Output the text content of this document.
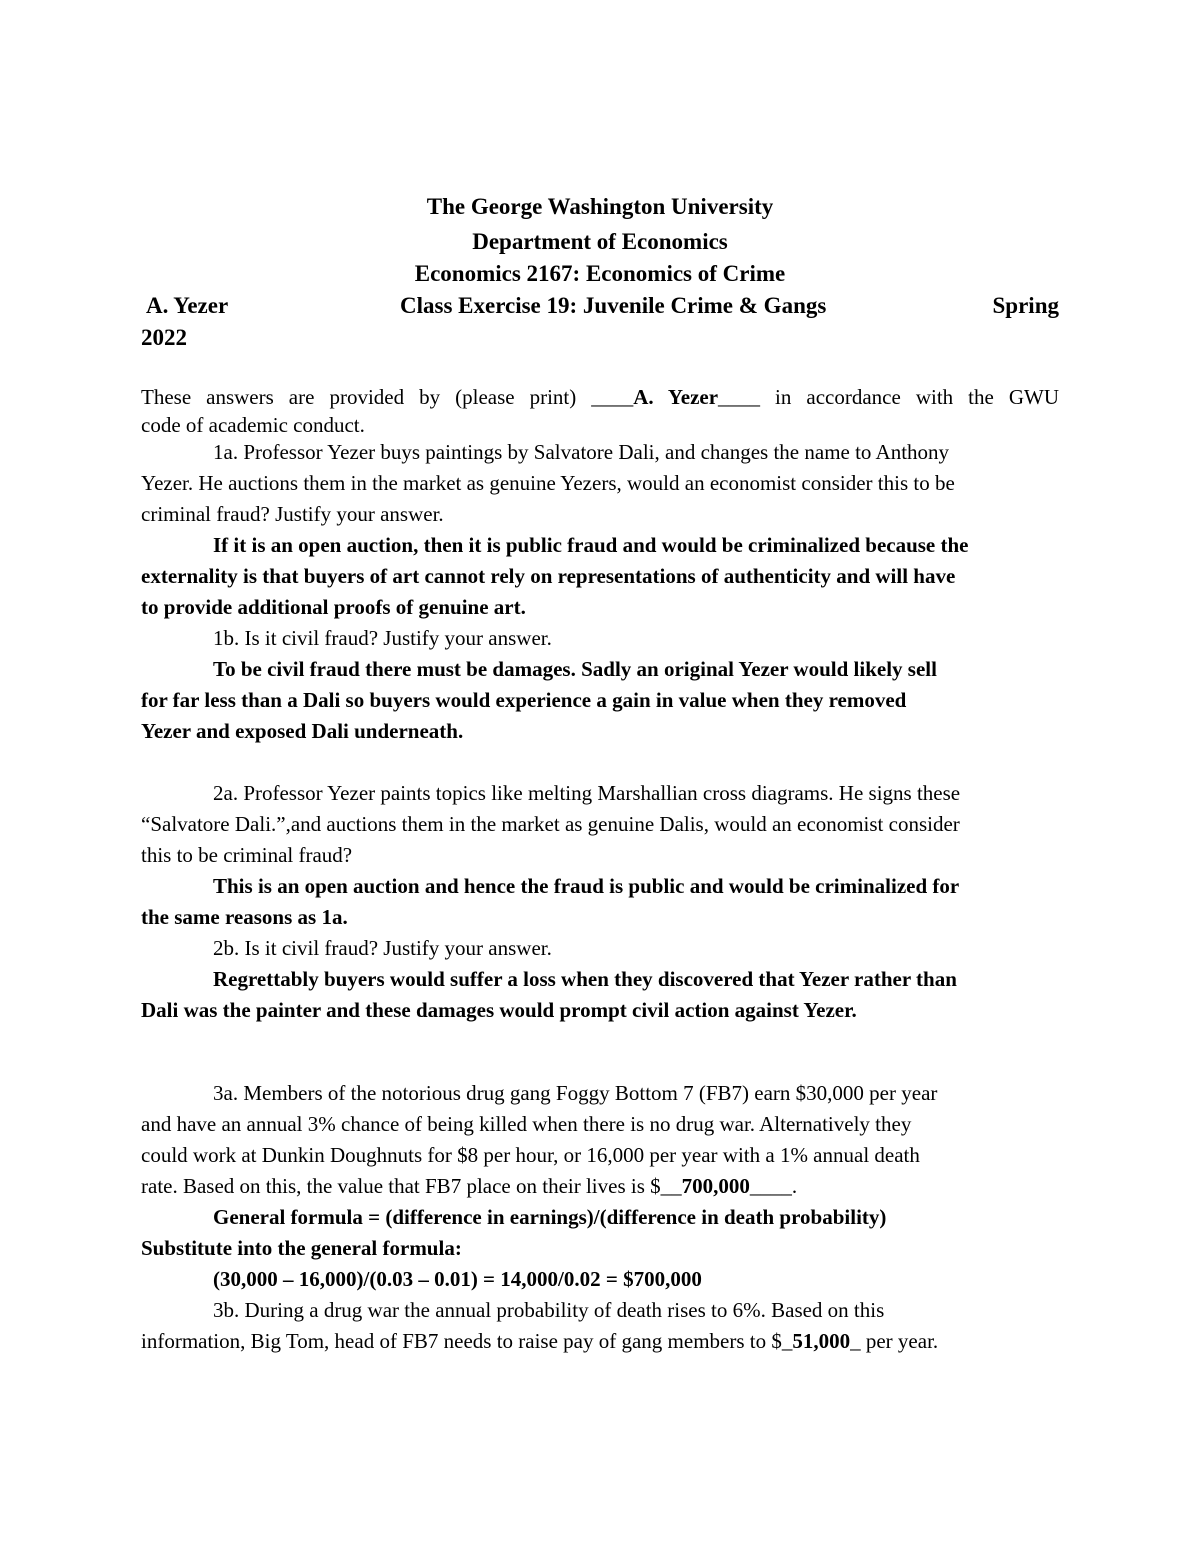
The George Washington University
Department of Economics
Economics 2167: Economics of Crime
A. Yezer	Class Exercise 19: Juvenile Crime & Gangs	Spring
2022
These answers are provided by (please print) ____A. Yezer____ in accordance with the GWU
code of academic conduct.
1a. Professor Yezer buys paintings by Salvatore Dali, and changes the name to Anthony
Yezer. He auctions them in the market as genuine Yezers, would an economist consider this to be
criminal fraud? Justify your answer.
If it is an open auction, then it is public fraud and would be criminalized because the
externality is that buyers of art cannot rely on representations of authenticity and will have
to provide additional proofs of genuine art.
1b. Is it civil fraud? Justify your answer.
To be civil fraud there must be damages. Sadly an original Yezer would likely sell
for far less than a Dali so buyers would experience a gain in value when they removed
Yezer and exposed Dali underneath.
2a. Professor Yezer paints topics like melting Marshallian cross diagrams. He signs these
“Salvatore Dali.”,and auctions them in the market as genuine Dalis, would an economist consider
this to be criminal fraud?
This is an open auction and hence the fraud is public and would be criminalized for
the same reasons as 1a.
2b. Is it civil fraud? Justify your answer.
Regrettably buyers would suffer a loss when they discovered that Yezer rather than
Dali was the painter and these damages would prompt civil action against Yezer.
3a. Members of the notorious drug gang Foggy Bottom 7 (FB7) earn $30,000 per year
and have an annual 3% chance of being killed when there is no drug war. Alternatively they
could work at Dunkin Doughnuts for $8 per hour, or 16,000 per year with a 1% annual death
rate. Based on this, the value that FB7 place on their lives is $__700,000____.
General formula = (difference in earnings)/(difference in death probability)
Substitute into the general formula:
(30,000 – 16,000)/(0.03 – 0.01) = 14,000/0.02 = $700,000
3b. During a drug war the annual probability of death rises to 6%. Based on this
information, Big Tom, head of FB7 needs to raise pay of gang members to $_51,000_ per year.
